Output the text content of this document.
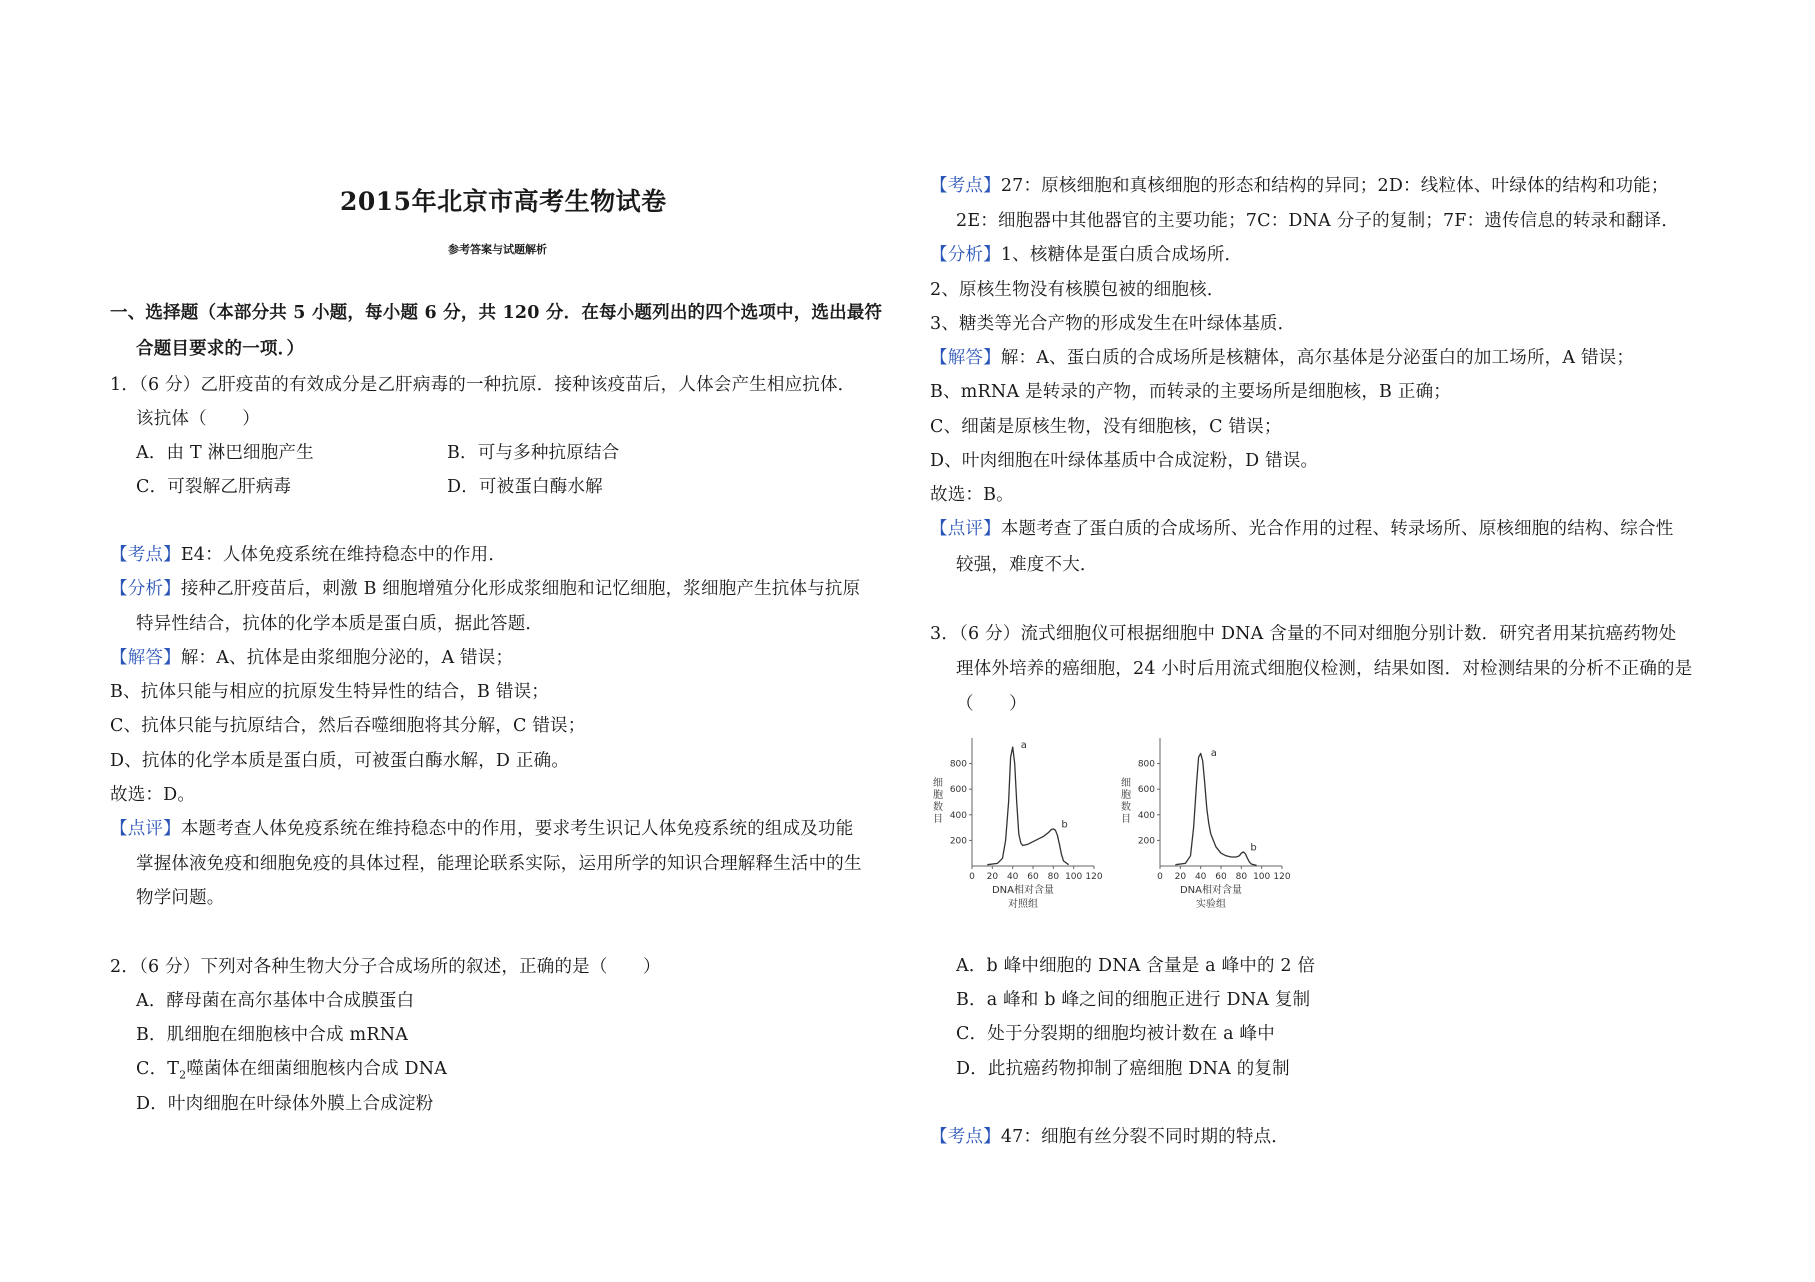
2015年北京市高考生物试卷
参考答案与试题解析
一、选择题（本部分共 5 小题，每小题 6 分，共 120 分．在每小题列出的四个选项中，选出最符
合题目要求的一项．）
1．（6 分）乙肝疫苗的有效成分是乙肝病毒的一种抗原．接种该疫苗后，人体会产生相应抗体．
该抗体（　　）
A．由 T 淋巴细胞产生	B．可与多种抗原结合
C．可裂解乙肝病毒	D．可被蛋白酶水解
【考点】E4：人体免疫系统在维持稳态中的作用．
【分析】接种乙肝疫苗后，刺激 B 细胞增殖分化形成浆细胞和记忆细胞，浆细胞产生抗体与抗原
特异性结合，抗体的化学本质是蛋白质，据此答题．
【解答】解：A、抗体是由浆细胞分泌的，A 错误；
B、抗体只能与相应的抗原发生特异性的结合，B 错误；
C、抗体只能与抗原结合，然后吞噬细胞将其分解，C 错误；
D、抗体的化学本质是蛋白质，可被蛋白酶水解，D 正确。
故选：D。
【点评】本题考查人体免疫系统在维持稳态中的作用，要求考生识记人体免疫系统的组成及功能
掌握体液免疫和细胞免疫的具体过程，能理论联系实际，运用所学的知识合理解释生活中的生
物学问题。
2．（6 分）下列对各种生物大分子合成场所的叙述，正确的是（　　）
A．酵母菌在高尔基体中合成膜蛋白
B．肌细胞在细胞核中合成 mRNA
C．$T_2$噬菌体在细菌细胞核内合成 DNA
D．叶肉细胞在叶绿体外膜上合成淀粉
【考点】27：原核细胞和真核细胞的形态和结构的异同；2D：线粒体、叶绿体的结构和功能；
2E：细胞器中其他器官的主要功能；7C：DNA 分子的复制；7F：遗传信息的转录和翻译．
【分析】1、核糖体是蛋白质合成场所．
2、原核生物没有核膜包被的细胞核．
3、糖类等光合产物的形成发生在叶绿体基质．
【解答】解：A、蛋白质的合成场所是核糖体，高尔基体是分泌蛋白的加工场所，A 错误；
B、mRNA 是转录的产物，而转录的主要场所是细胞核，B 正确；
C、细菌是原核生物，没有细胞核，C 错误；
D、叶肉细胞在叶绿体基质中合成淀粉，D 错误。
故选：B。
【点评】本题考查了蛋白质的合成场所、光合作用的过程、转录场所、原核细胞的结构、综合性
较强，难度不大．
3．（6 分）流式细胞仪可根据细胞中 DNA 含量的不同对细胞分别计数．研究者用某抗癌药物处
理体外培养的癌细胞，24 小时后用流式细胞仪检测，结果如图．对检测结果的分析不正确的是
（　　）
200
400
600
800
0 20 40 60 80 100 120
细
胞
数
目
DNA相对含量
对照组
a
b
200
400
600
800
0 20 40 60 80 100 120
细
胞
数
目
DNA相对含量
实验组
a
b
A．b 峰中细胞的 DNA 含量是 a 峰中的 2 倍
B．a 峰和 b 峰之间的细胞正进行 DNA 复制
C．处于分裂期的细胞均被计数在 a 峰中
D．此抗癌药物抑制了癌细胞 DNA 的复制
【考点】47：细胞有丝分裂不同时期的特点．
